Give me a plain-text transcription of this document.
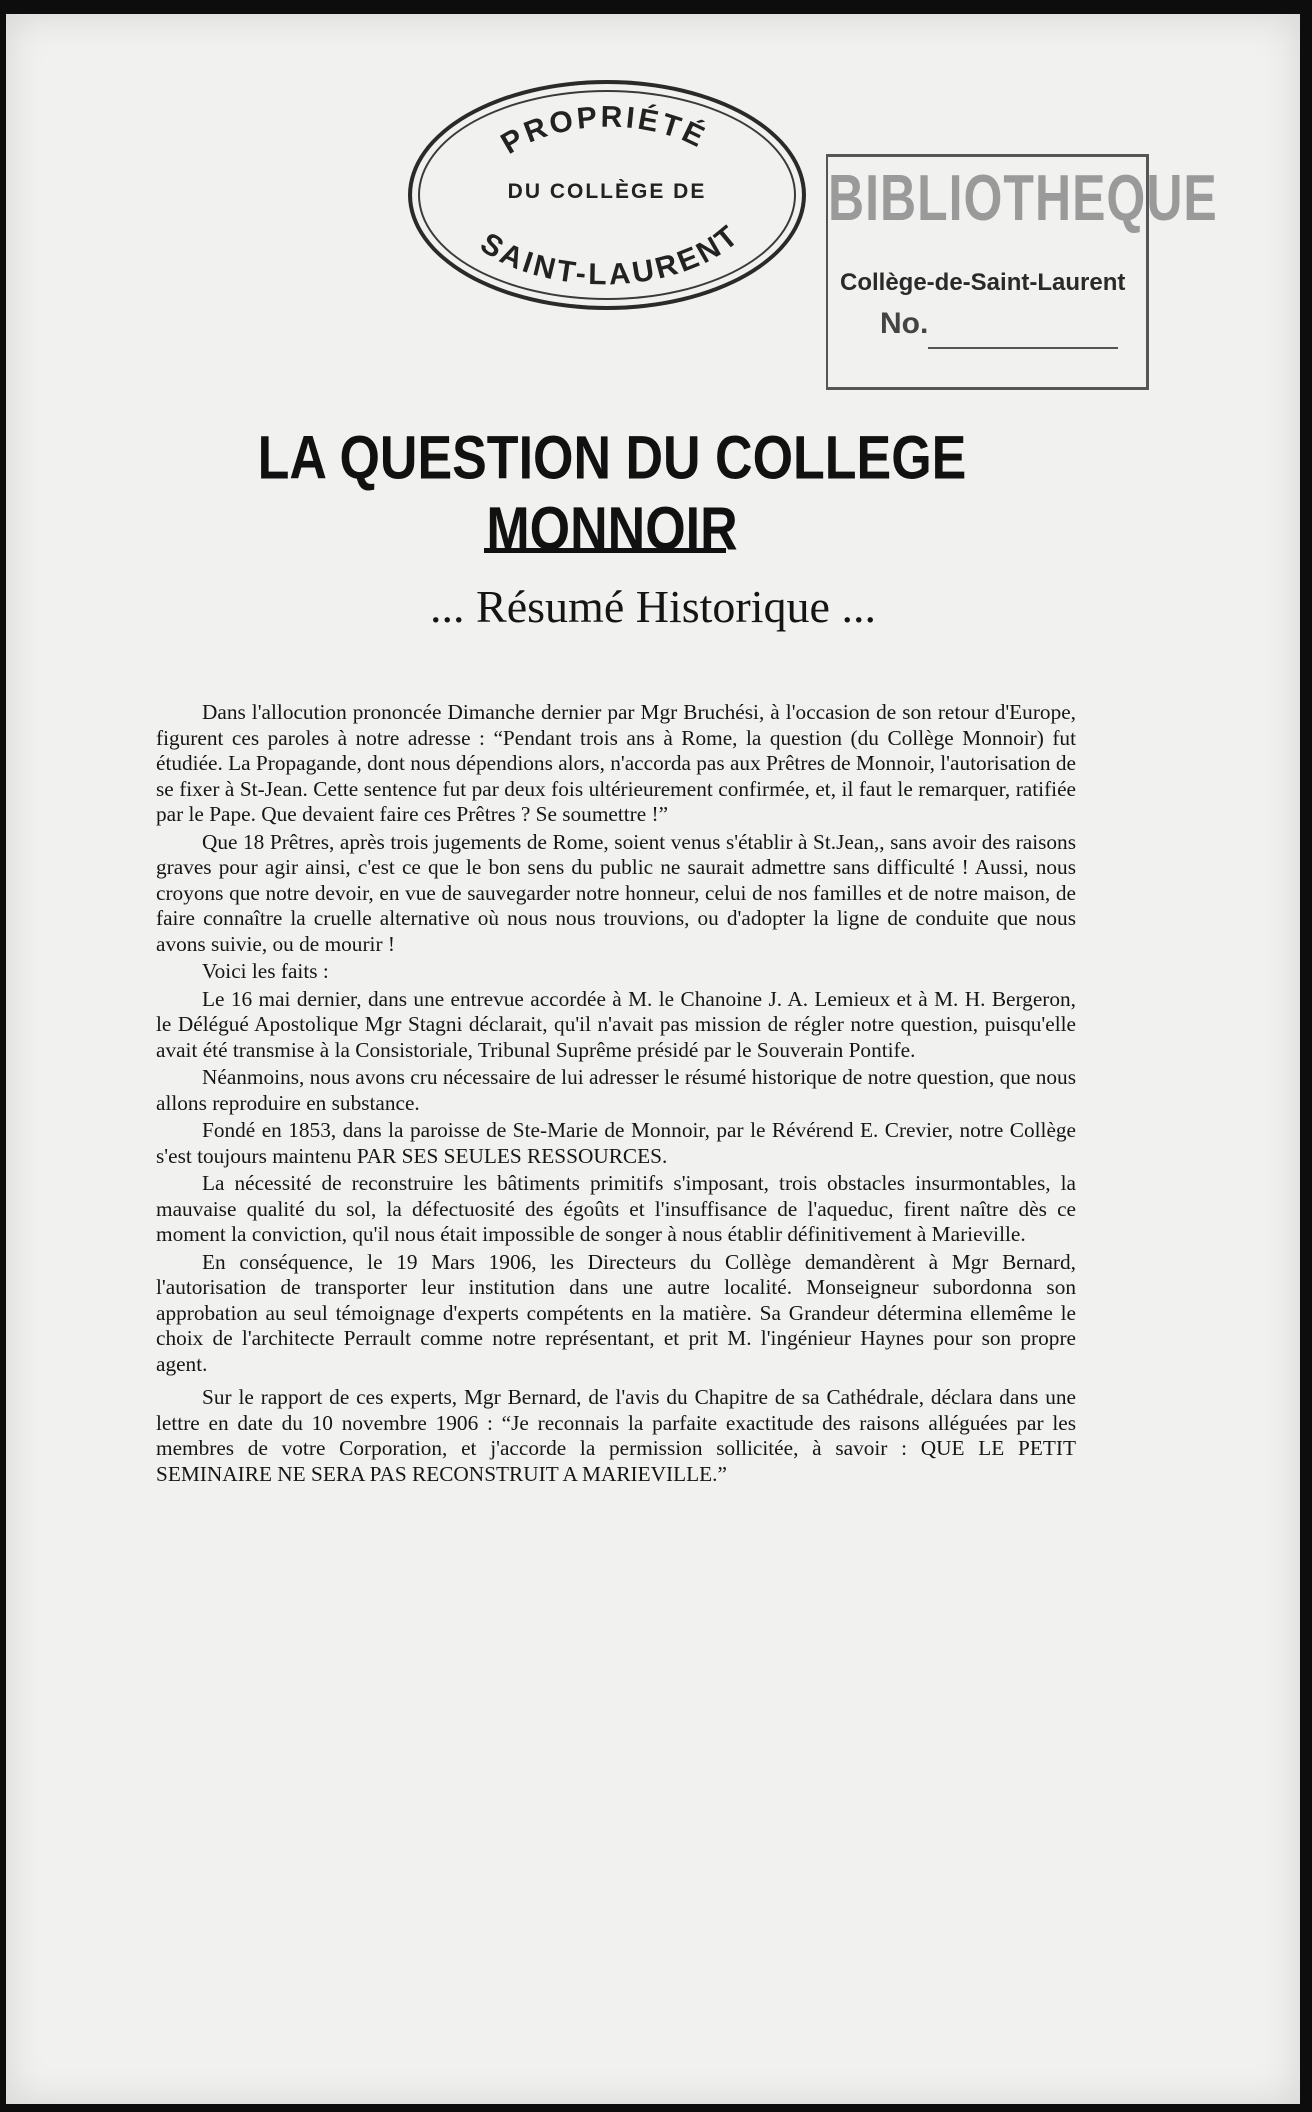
PROPRIÉTÉ
SAINT-LAURENT
DU COLLÈGE DE	BIBLIOTHEQUE
Collège-de-Saint-Laurent
No.
LA QUESTION DU COLLEGE MONNOIR
... Résumé Historique ...

Dans l'allocution prononcée Dimanche dernier par Mgr Bruchési, à l'occasion de son retour d'Europe, figurent ces paroles à notre adresse : “Pendant trois ans à Rome, la question (du Collège Monnoir) fut étudiée. La Propagande, dont nous dépendions alors, n'accorda pas aux Prêtres de Monnoir, l'autorisation de se fixer à St-Jean. Cette sentence fut par deux fois ultérieurement confirmée, et, il faut le remarquer, ratifiée par le Pape. Que devaient faire ces Prêtres ? Se soumettre !”

Que 18 Prêtres, après trois jugements de Rome, soient venus s'établir à St.Jean,, sans avoir des raisons graves pour agir ainsi, c'est ce que le bon sens du public ne saurait admettre sans difficulté ! Aussi, nous croyons que notre devoir, en vue de sauvegarder notre honneur, celui de nos familles et de notre maison, de faire connaître la cruelle alternative où nous nous trouvions, ou d'adopter la ligne de conduite que nous avons suivie, ou de mourir !

Voici les faits :

Le 16 mai dernier, dans une entrevue accordée à M. le Chanoine J. A. Lemieux et à M. H. Bergeron, le Délégué Apostolique Mgr Stagni déclarait, qu'il n'avait pas mission de régler notre question, puisqu'elle avait été transmise à la Consistoriale, Tribunal Suprême présidé par le Souverain Pontife.

Néanmoins, nous avons cru nécessaire de lui adresser le résumé historique de notre question, que nous allons reproduire en substance.

Fondé en 1853, dans la paroisse de Ste-Marie de Monnoir, par le Révérend E. Crevier, notre Collège s'est toujours maintenu PAR SES SEULES RESSOURCES.

La nécessité de reconstruire les bâtiments primitifs s'imposant, trois obstacles insurmontables, la mauvaise qualité du sol, la défectuosité des égoûts et l'insuffisance de l'aqueduc, firent naître dès ce moment la conviction, qu'il nous était impossible de songer à nous établir définitivement à Marieville.

En conséquence, le 19 Mars 1906, les Directeurs du Collège demandèrent à Mgr Bernard, l'autorisation de transporter leur institution dans une autre localité. Monseigneur subordonna son approbation au seul témoignage d'experts compétents en la matière. Sa Grandeur détermina ellemême le choix de l'architecte Perrault comme notre représentant, et prit M. l'ingénieur Haynes pour son propre agent.

Sur le rapport de ces experts, Mgr Bernard, de l'avis du Chapitre de sa Cathédrale, déclara dans une lettre en date du 10 novembre 1906 : “Je reconnais la parfaite exactitude des raisons alléguées par les membres de votre Corporation, et j'accorde la permission sollicitée, à savoir : QUE LE PETIT SEMINAIRE NE SERA PAS RECONSTRUIT A MARIEVILLE.”
